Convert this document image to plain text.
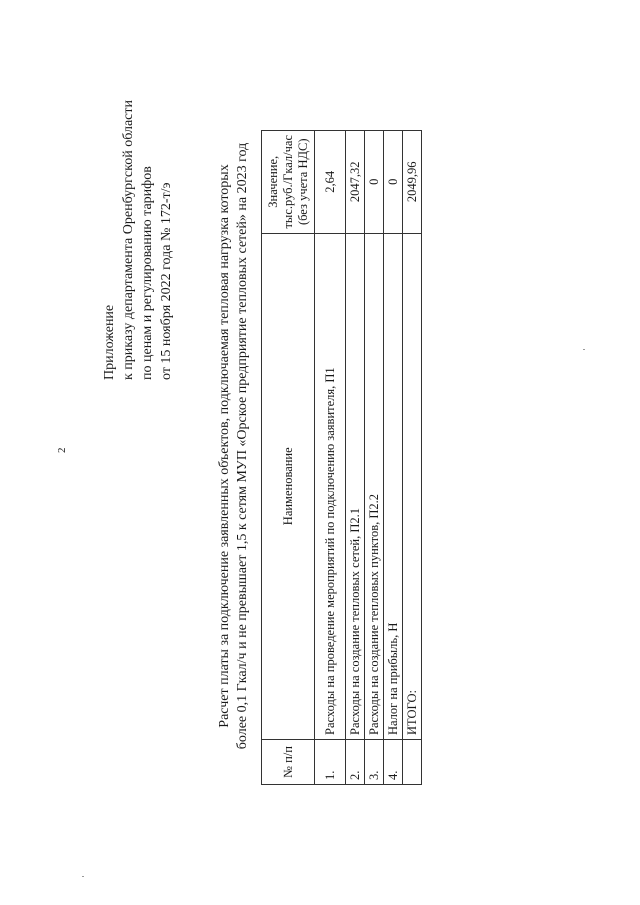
2
Приложение к приказу департамента Оренбургской области по ценам и регулированию тарифов от 15 ноября 2022 года № 172-т/э	Расчет платы за подключение заявленных объектов, подключаемая тепловая нагрузка которых более 0,1 Гкал/ч и не превышает 1,5 к сетям МУП «Орское предприятие тепловых сетей» на 2023 год
№ п/п	Наименование	Значение, тыс.руб./Гкал/час (без учета НДС)

1.	Расходы на проведение мероприятий по подключению заявителя, П1	2,64
2.	Расходы на создание тепловых сетей, П2.1	2047,32
3.	Расходы на создание тепловых пунктов, П2.2	0
4.	Налог на прибыль, Н	0
	ИТОГО:	2049,96
